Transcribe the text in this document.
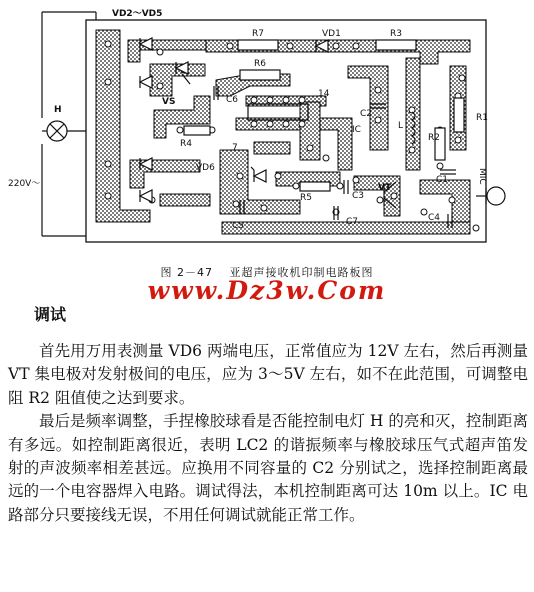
VD2～VD5
R7	VD1	R3
R6
VS	C6
14
7
H
R4
IC
C2
L
R2
R1
MIC
220V～
VD6
R5	C3
VT
C1
C5	C7	C4
图 2－47　 亚超声接收机印制电路板图
www.Dz3w.Com
调试

首先用万用表测量 VD6 两端电压，正常值应为 12V 左右，然后再测量 VT 集电极对发射极间的电压，应为 3～5V 左右，如不在此范围，可调整电阻 R2 阻值使之达到要求。

最后是频率调整，手捏橡胶球看是否能控制电灯 H 的亮和灭，控制距离有多远。如控制距离很近，表明 LC2 的谐振频率与橡胶球压气式超声笛发射的声波频率相差甚远。应换用不同容量的 C2 分别试之，选择控制距离最远的一个电容器焊入电路。调试得法，本机控制距离可达 10m 以上。IC 电路部分只要接线无误，不用任何调试就能正常工作。
